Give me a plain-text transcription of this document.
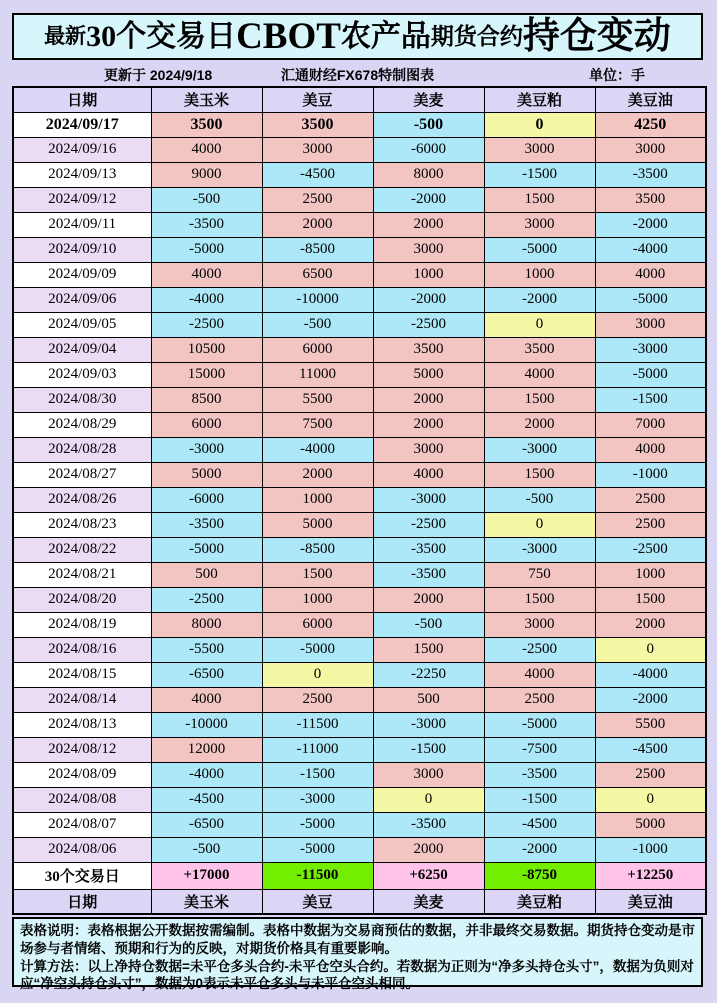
最新 30个交易日 CBOT 农产品 期货合约 持仓变动
更新于 2024/9/18	汇通财经FX678特制图表	单位：手
日期	美玉米	美豆	美麦	美豆粕	美豆油
2024/09/17	3500	3500	-500	0	4250
2024/09/16	4000	3000	-6000	3000	3000
2024/09/13	9000	-4500	8000	-1500	-3500
2024/09/12	-500	2500	-2000	1500	3500
2024/09/11	-3500	2000	2000	3000	-2000
2024/09/10	-5000	-8500	3000	-5000	-4000
2024/09/09	4000	6500	1000	1000	4000
2024/09/06	-4000	-10000	-2000	-2000	-5000
2024/09/05	-2500	-500	-2500	0	3000
2024/09/04	10500	6000	3500	3500	-3000
2024/09/03	15000	11000	5000	4000	-5000
2024/08/30	8500	5500	2000	1500	-1500
2024/08/29	6000	7500	2000	2000	7000
2024/08/28	-3000	-4000	3000	-3000	4000
2024/08/27	5000	2000	4000	1500	-1000
2024/08/26	-6000	1000	-3000	-500	2500
2024/08/23	-3500	5000	-2500	0	2500
2024/08/22	-5000	-8500	-3500	-3000	-2500
2024/08/21	500	1500	-3500	750	1000
2024/08/20	-2500	1000	2000	1500	1500
2024/08/19	8000	6000	-500	3000	2000
2024/08/16	-5500	-5000	1500	-2500	0
2024/08/15	-6500	0	-2250	4000	-4000
2024/08/14	4000	2500	500	2500	-2000
2024/08/13	-10000	-11500	-3000	-5000	5500
2024/08/12	12000	-11000	-1500	-7500	-4500
2024/08/09	-4000	-1500	3000	-3500	2500
2024/08/08	-4500	-3000	0	-1500	0
2024/08/07	-6500	-5000	-3500	-4500	5000
2024/08/06	-500	-5000	2000	-2000	-1000
30个交易日	+17000	-11500	+6250	-8750	+12250
日期	美玉米	美豆	美麦	美豆粕	美豆油
表格说明：表格根据公开数据按需编制。表格中数据为交易商预估的数据，并非最终交易数据。期货持仓变动是市场参与者情绪、预期和行为的反映，对期货价格具有重要影响。
计算方法：以上净持仓数据=未平仓多头合约-未平仓空头合约。若数据为正则为“净多头持仓头寸”，数据为负则对应“净空头持仓头寸”，数据为0表示未平仓多头与未平仓空头相同。
